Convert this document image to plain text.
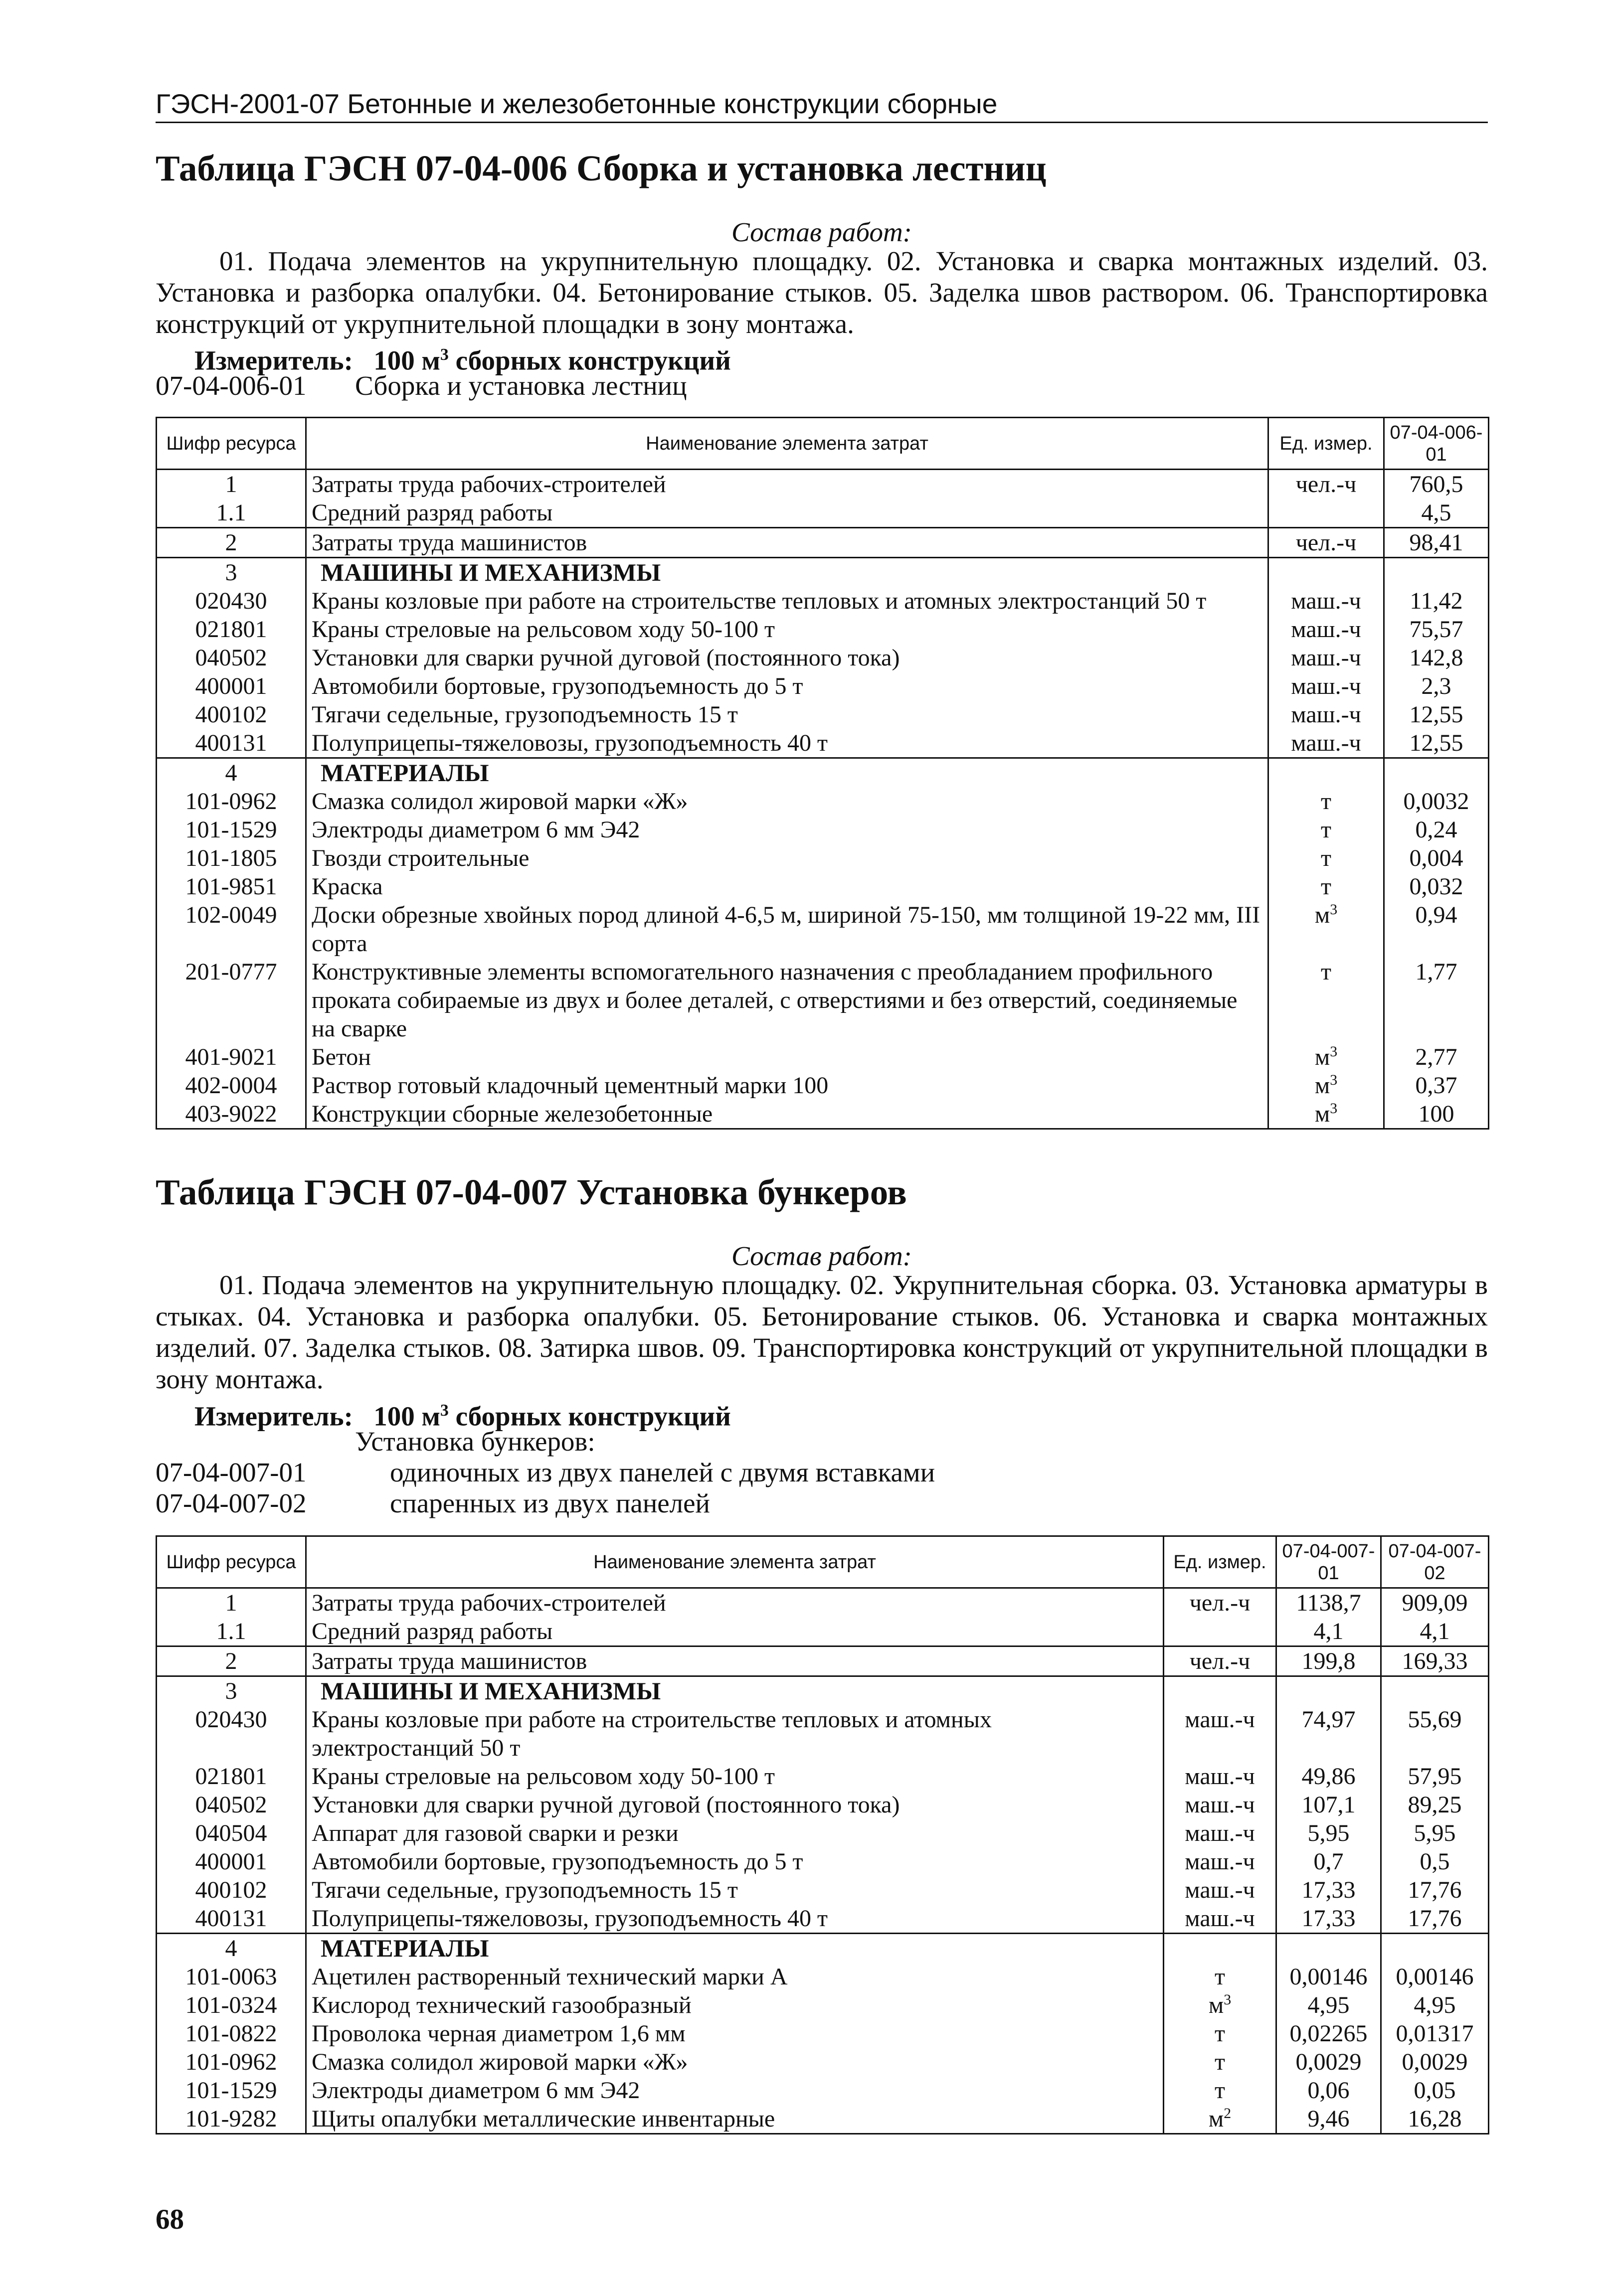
ГЭСН-2001-07 Бетонные и железобетонные конструкции сборные
Таблица ГЭСН 07-04-006 Сборка и установка лестниц
Состав работ:

01. Подача элементов на укрупнительную площадку. 02. Установка и сварка монтажных изделий. 03. Установка и разборка опалубки. 04. Бетонирование стыков. 05. Заделка швов раствором. 06. Транспортировка конструкций от укрупнительной площадки в зону монтажа.

Измеритель: 100 $м^3$ сборных конструкций
07-04-006-01 Сборка и установка лестниц
Шифр ресурса	Наименование элемента затрат	Ед. измер.	07-04-006-01
1	Затраты труда рабочих-строителей	чел.-ч	760,5
1.1	Средний разряд работы		4,5
2	Затраты труда машинистов	чел.-ч	98,41
3	МАШИНЫ И МЕХАНИЗМЫ		
020430	Краны козловые при работе на строительстве тепловых и атомных электростанций 50 т	маш.-ч	11,42
021801	Краны стреловые на рельсовом ходу 50-100 т	маш.-ч	75,57
040502	Установки для сварки ручной дуговой (постоянного тока)	маш.-ч	142,8
400001	Автомобили бортовые, грузоподъемность до 5 т	маш.-ч	2,3
400102	Тягачи седельные, грузоподъемность 15 т	маш.-ч	12,55
400131	Полуприцепы-тяжеловозы, грузоподъемность 40 т	маш.-ч	12,55
4	МАТЕРИАЛЫ		
101-0962	Смазка солидол жировой марки «Ж»	т	0,0032
101-1529	Электроды диаметром 6 мм Э42	т	0,24
101-1805	Гвозди строительные	т	0,004
101-9851	Краска	т	0,032
102-0049	Доски обрезные хвойных пород длиной 4-6,5 м, шириной 75-150, мм толщиной 19-22 мм, III сорта	$м^3$	0,94
201-0777	Конструктивные элементы вспомогательного назначения с преобладанием профильного проката собираемые из двух и более деталей, с отверстиями и без отверстий, соединяемые на сварке	т	1,77
401-9021	Бетон	$м^3$	2,77
402-0004	Раствор готовый кладочный цементный марки 100	$м^3$	0,37
403-9022	Конструкции сборные железобетонные	$м^3$	100
Таблица ГЭСН 07-04-007 Установка бункеров
Состав работ:

01. Подача элементов на укрупнительную площадку. 02. Укрупнительная сборка. 03. Установка арматуры в стыках. 04. Установка и разборка опалубки. 05. Бетонирование стыков. 06. Установка и сварка монтажных изделий. 07. Заделка стыков. 08. Затирка швов. 09. Транспортировка конструкций от укрупнительной площадки в зону монтажа.

Измеритель: 100 $м^3$ сборных конструкций
Установка бункеров:
07-04-007-01	одиночных из двух панелей с двумя вставками
07-04-007-02	спаренных из двух панелей
Шифр ресурса	Наименование элемента затрат	Ед. измер.	07-04-007-01	07-04-007-02
1	Затраты труда рабочих-строителей	чел.-ч	1138,7	909,09
1.1	Средний разряд работы		4,1	4,1
2	Затраты труда машинистов	чел.-ч	199,8	169,33
3	МАШИНЫ И МЕХАНИЗМЫ			
020430	Краны козловые при работе на строительстве тепловых и атомных электростанций 50 т	маш.-ч	74,97	55,69
021801	Краны стреловые на рельсовом ходу 50-100 т	маш.-ч	49,86	57,95
040502	Установки для сварки ручной дуговой (постоянного тока)	маш.-ч	107,1	89,25
040504	Аппарат для газовой сварки и резки	маш.-ч	5,95	5,95
400001	Автомобили бортовые, грузоподъемность до 5 т	маш.-ч	0,7	0,5
400102	Тягачи седельные, грузоподъемность 15 т	маш.-ч	17,33	17,76
400131	Полуприцепы-тяжеловозы, грузоподъемность 40 т	маш.-ч	17,33	17,76
4	МАТЕРИАЛЫ			
101-0063	Ацетилен растворенный технический марки А	т	0,00146	0,00146
101-0324	Кислород технический газообразный	$м^3$	4,95	4,95
101-0822	Проволока черная диаметром 1,6 мм	т	0,02265	0,01317
101-0962	Смазка солидол жировой марки «Ж»	т	0,0029	0,0029
101-1529	Электроды диаметром 6 мм Э42	т	0,06	0,05
101-9282	Щиты опалубки металлические инвентарные	$м^2$	9,46	16,28
68
